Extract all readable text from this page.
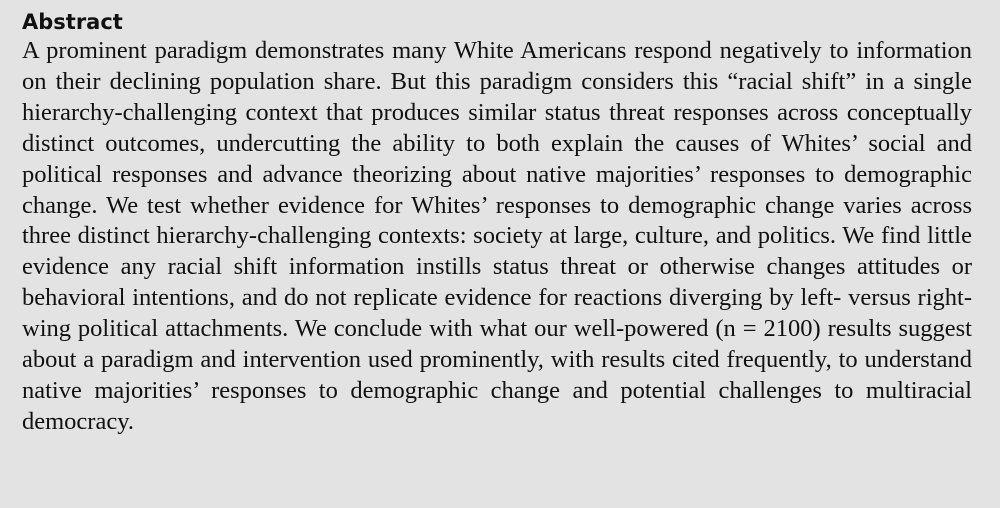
Abstract

A prominent paradigm demonstrates many White Americans respond negatively to information on their declining population share. But this paradigm considers this “racial shift” in a single hierarchy-challenging context that produces similar status threat responses across conceptually distinct outcomes, undercutting the ability to both explain the causes of Whites’ social and political responses and advance theorizing about native majorities’ responses to demographic change. We test whether evidence for Whites’ responses to demographic change varies across three distinct hierarchy-challenging contexts: society at large, culture, and politics. We find little evidence any racial shift information instills status threat or otherwise changes attitudes or behavioral intentions, and do not replicate evidence for reactions diverging by left- versus right-wing political attachments. We conclude with what our well-powered (n = 2100) results suggest about a paradigm and intervention used prominently, with results cited frequently, to understand native majorities’ responses to demographic change and potential challenges to multiracial democracy.
